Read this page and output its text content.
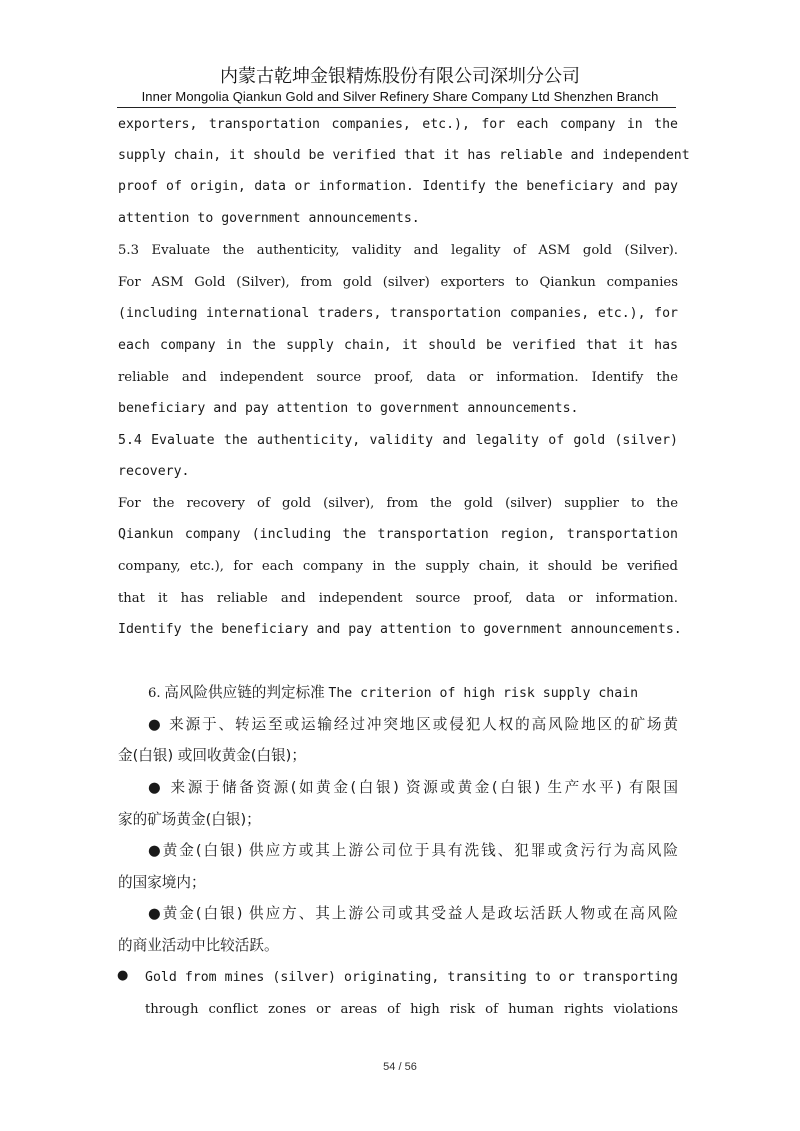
内蒙古乾坤金银精炼股份有限公司深圳分公司
Inner Mongolia Qiankun Gold and Silver Refinery Share Company Ltd Shenzhen Branch
exporters, transportation companies, etc.), for each company in the
supply chain, it should be verified that it has reliable and independent
proof of origin, data or information. Identify the beneficiary and pay
attention to government announcements.
5.3 Evaluate the authenticity, validity and legality of ASM gold (Silver).
For ASM Gold (Silver), from gold (silver) exporters to Qiankun companies
(including international traders, transportation companies, etc.), for
each company in the supply chain, it should be verified that it has
reliable and independent source proof, data or information. Identify the
beneficiary and pay attention to government announcements.
5.4 Evaluate the authenticity, validity and legality of gold (silver)
recovery.
For the recovery of gold (silver), from the gold (silver) supplier to the
Qiankun company (including the transportation region, transportation
company, etc.), for each company in the supply chain, it should be verified
that it has reliable and independent source proof, data or information.
Identify the beneficiary and pay attention to government announcements.
6. 高风险供应链的判定标准 The criterion of high risk supply chain
● 来源于、转运至或运输经过冲突地区或侵犯人权的高风险地区的矿场黄
金(白银) 或回收黄金(白银)；
● 来源于储备资源(如黄金(白银) 资源或黄金(白银) 生产水平) 有限国
家的矿场黄金(白银)；
●黄金(白银) 供应方或其上游公司位于具有洗钱、犯罪或贪污行为高风险
的国家境内；
●黄金(白银) 供应方、其上游公司或其受益人是政坛活跃人物或在高风险
的商业活动中比较活跃。
● Gold from mines (silver) originating, transiting to or transporting
through conflict zones or areas of high risk of human rights violations
54 / 56
